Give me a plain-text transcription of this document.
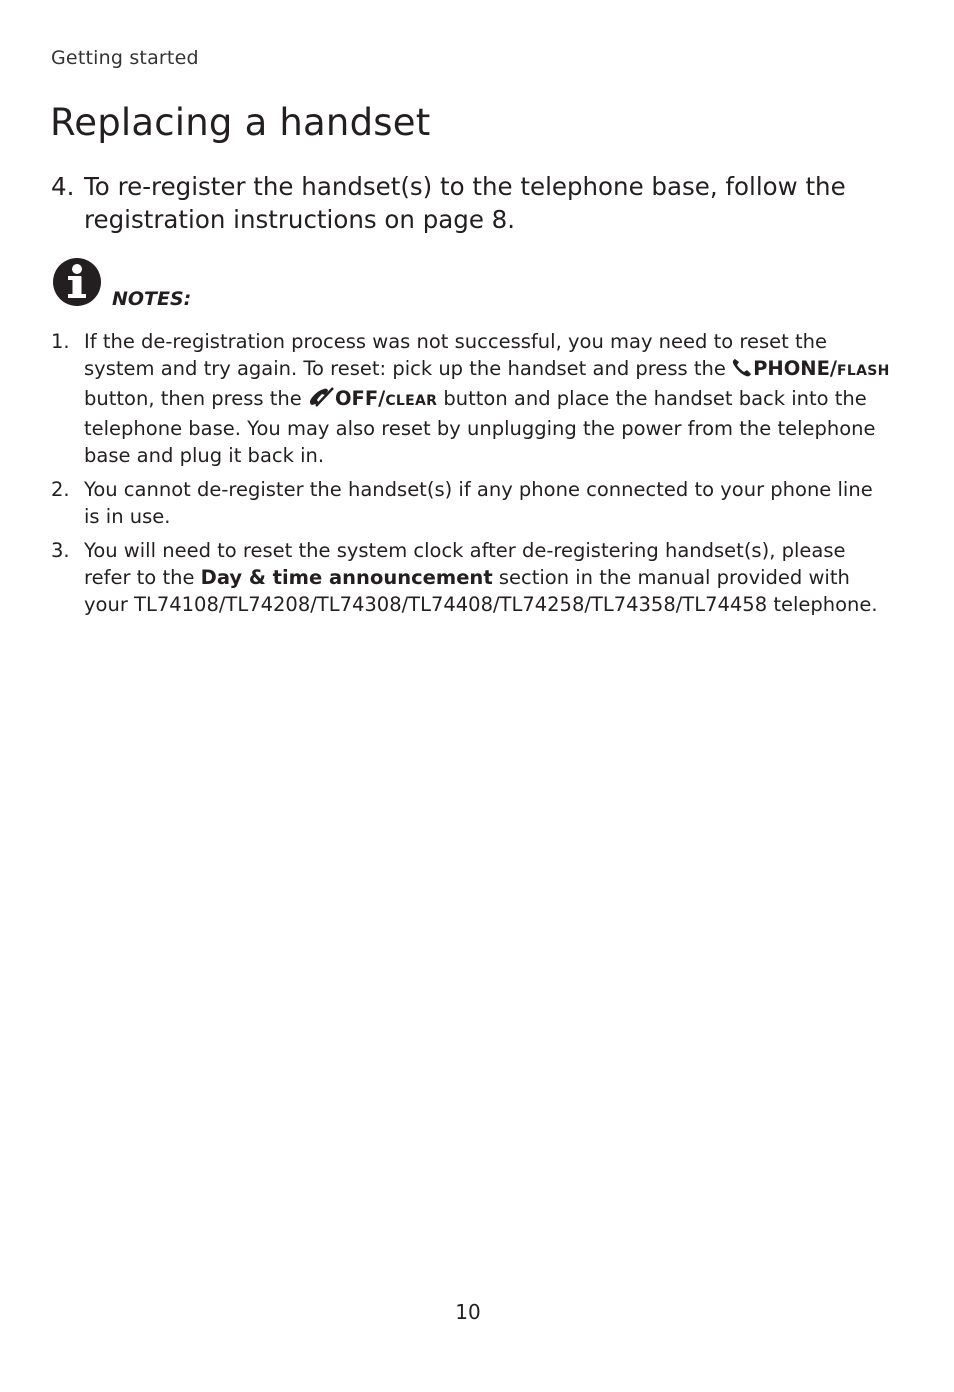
Getting started
Replacing a handset
4. To re-register the handset(s) to the telephone base, follow the registration instructions on page 8.
NOTES:
1. If the de-registration process was not successful, you may need to reset the system and try again. To reset: pick up the handset and press the PHONE/FLASH button, then press the OFF/CLEAR button and place the handset back into the telephone base. You may also reset by unplugging the power from the telephone base and plug it back in.
2. You cannot de-register the handset(s) if any phone connected to your phone line is in use.
3. You will need to reset the system clock after de-registering handset(s), please refer to the Day & time announcement section in the manual provided with your TL74108/TL74208/TL74308/TL74408/TL74258/TL74358/TL74458 telephone.
10
